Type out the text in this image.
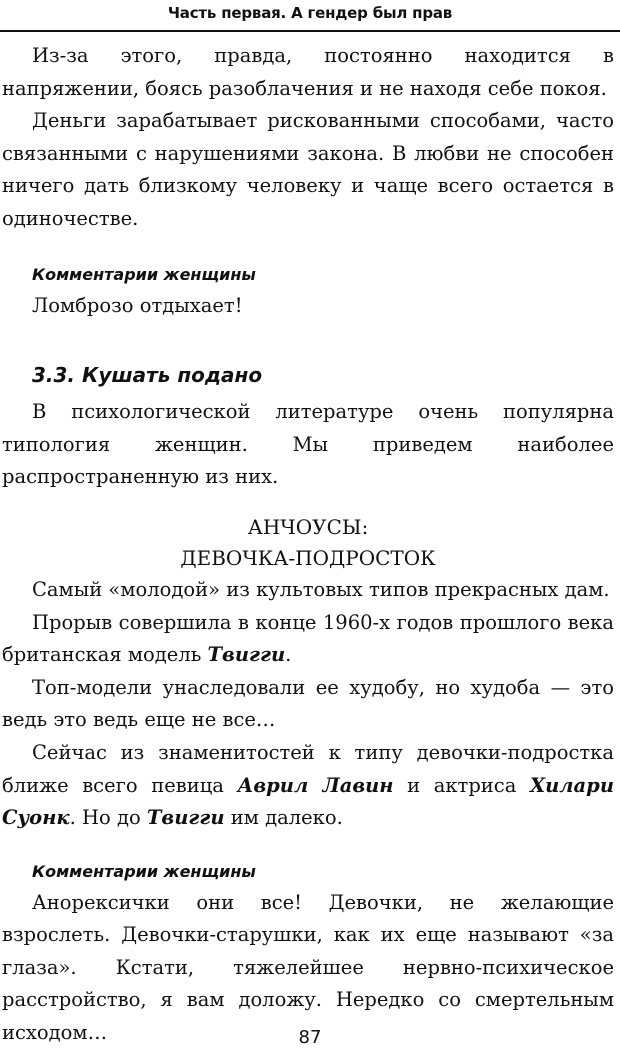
Часть первая. А гендер был прав

Из-за этого, правда, постоянно находится в напряжении, боясь разоблачения и не находя себе покоя.

Деньги зарабатывает рискованными способами, часто связанными с нарушениями закона. В любви не способен ничего дать близкому человеку и чаще всего остается в одиночестве.

Комментарии женщины

Ломброзо отдыхает!

3.3. Кушать подано

В психологической литературе очень популярна типология женщин. Мы приведем наиболее распространенную из них.

АНЧОУСЫ:

ДЕВОЧКА-ПОДРОСТОК

Самый «молодой» из культовых типов прекрасных дам.

Прорыв совершила в конце 1960-х годов прошлого века британская модель Твигги.

Топ-модели унаследовали ее худобу, но худоба — это ведь это ведь еще не все…

Сейчас из знаменитостей к типу девочки-подростка ближе всего певица Аврил Лавин и актриса Хилари Суонк. Но до Твигги им далеко.

Комментарии женщины

Анорексички они все! Девочки, не желающие взрослеть. Девочки-старушки, как их еще называют «за глаза». Кстати, тяжелейшее нервно-психическое расстройство, я вам доложу. Нередко со смертельным исходом…	87
